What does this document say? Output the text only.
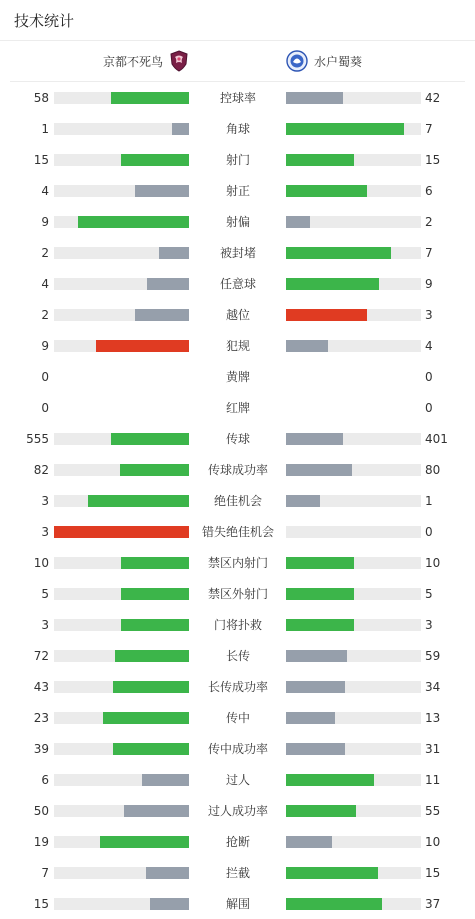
技术统计
京都不死鸟	水户蜀葵
58	控球率	42
1	角球	7
15	射门	15
4	射正	6
9	射偏	2
2	被封堵	7
4	任意球	9
2	越位	3
9	犯规	4
0	黄牌	0
0	红牌	0
555	传球	401
82	传球成功率	80
3	绝佳机会	1
3	错失绝佳机会	0
10	禁区内射门	10
5	禁区外射门	5
3	门将扑救	3
72	长传	59
43	长传成功率	34
23	传中	13
39	传中成功率	31
6	过人	11
50	过人成功率	55
19	抢断	10
7	拦截	15
15	解围	37
